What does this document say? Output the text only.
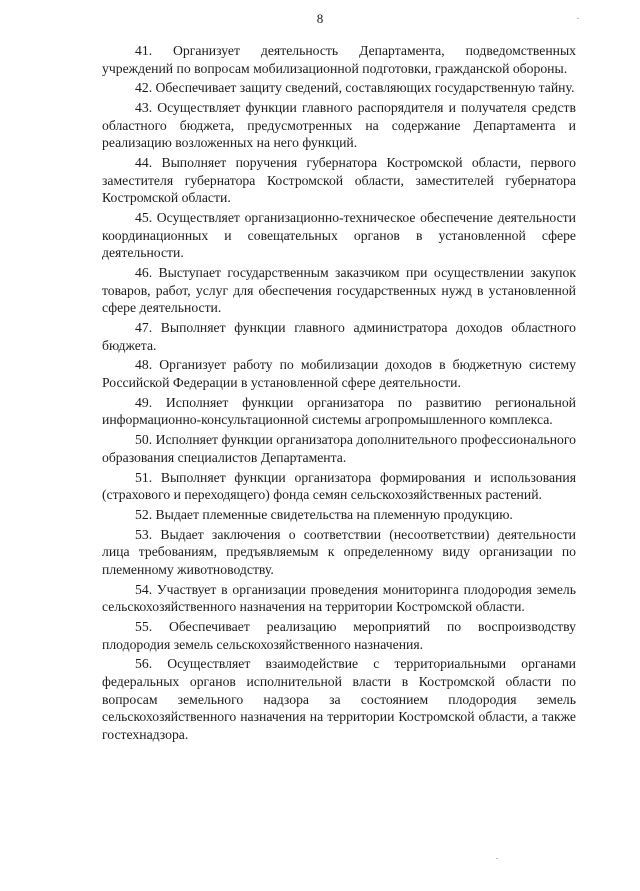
8

41. Организует деятельность Департамента, подведомственных учреждений по вопросам мобилизационной подготовки, гражданской обороны.

42. Обеспечивает защиту сведений, составляющих государственную тайну.

43. Осуществляет функции главного распорядителя и получателя средств областного бюджета, предусмотренных на содержание Департамента и реализацию возложенных на него функций.

44. Выполняет поручения губернатора Костромской области, первого заместителя губернатора Костромской области, заместителей губернатора Костромской области.

45. Осуществляет организационно-техническое обеспечение деятельности координационных и совещательных органов в установленной сфере деятельности.

46. Выступает государственным заказчиком при осуществлении закупок товаров, работ, услуг для обеспечения государственных нужд в установленной сфере деятельности.

47. Выполняет функции главного администратора доходов областного бюджета.

48. Организует работу по мобилизации доходов в бюджетную систему Российской Федерации в установленной сфере деятельности.

49. Исполняет функции организатора по развитию региональной информационно-консультационной системы агропромышленного комплекса.

50. Исполняет функции организатора дополнительного профессионального образования специалистов Департамента.

51. Выполняет функции организатора формирования и использования (страхового и переходящего) фонда семян сельскохозяйственных растений.

52. Выдает племенные свидетельства на племенную продукцию.

53. Выдает заключения о соответствии (несоответствии) деятельности лица требованиям, предъявляемым к определенному виду организации по племенному животноводству.

54. Участвует в организации проведения мониторинга плодородия земель сельскохозяйственного назначения на территории Костромской области.

55. Обеспечивает реализацию мероприятий по воспроизводству плодородия земель сельскохозяйственного назначения.

56. Осуществляет взаимодействие с территориальными органами федеральных органов исполнительной власти в Костромской области по вопросам земельного надзора за состоянием плодородия земель сельскохозяйственного назначения на территории Костромской области, а также гостехнадзора.
